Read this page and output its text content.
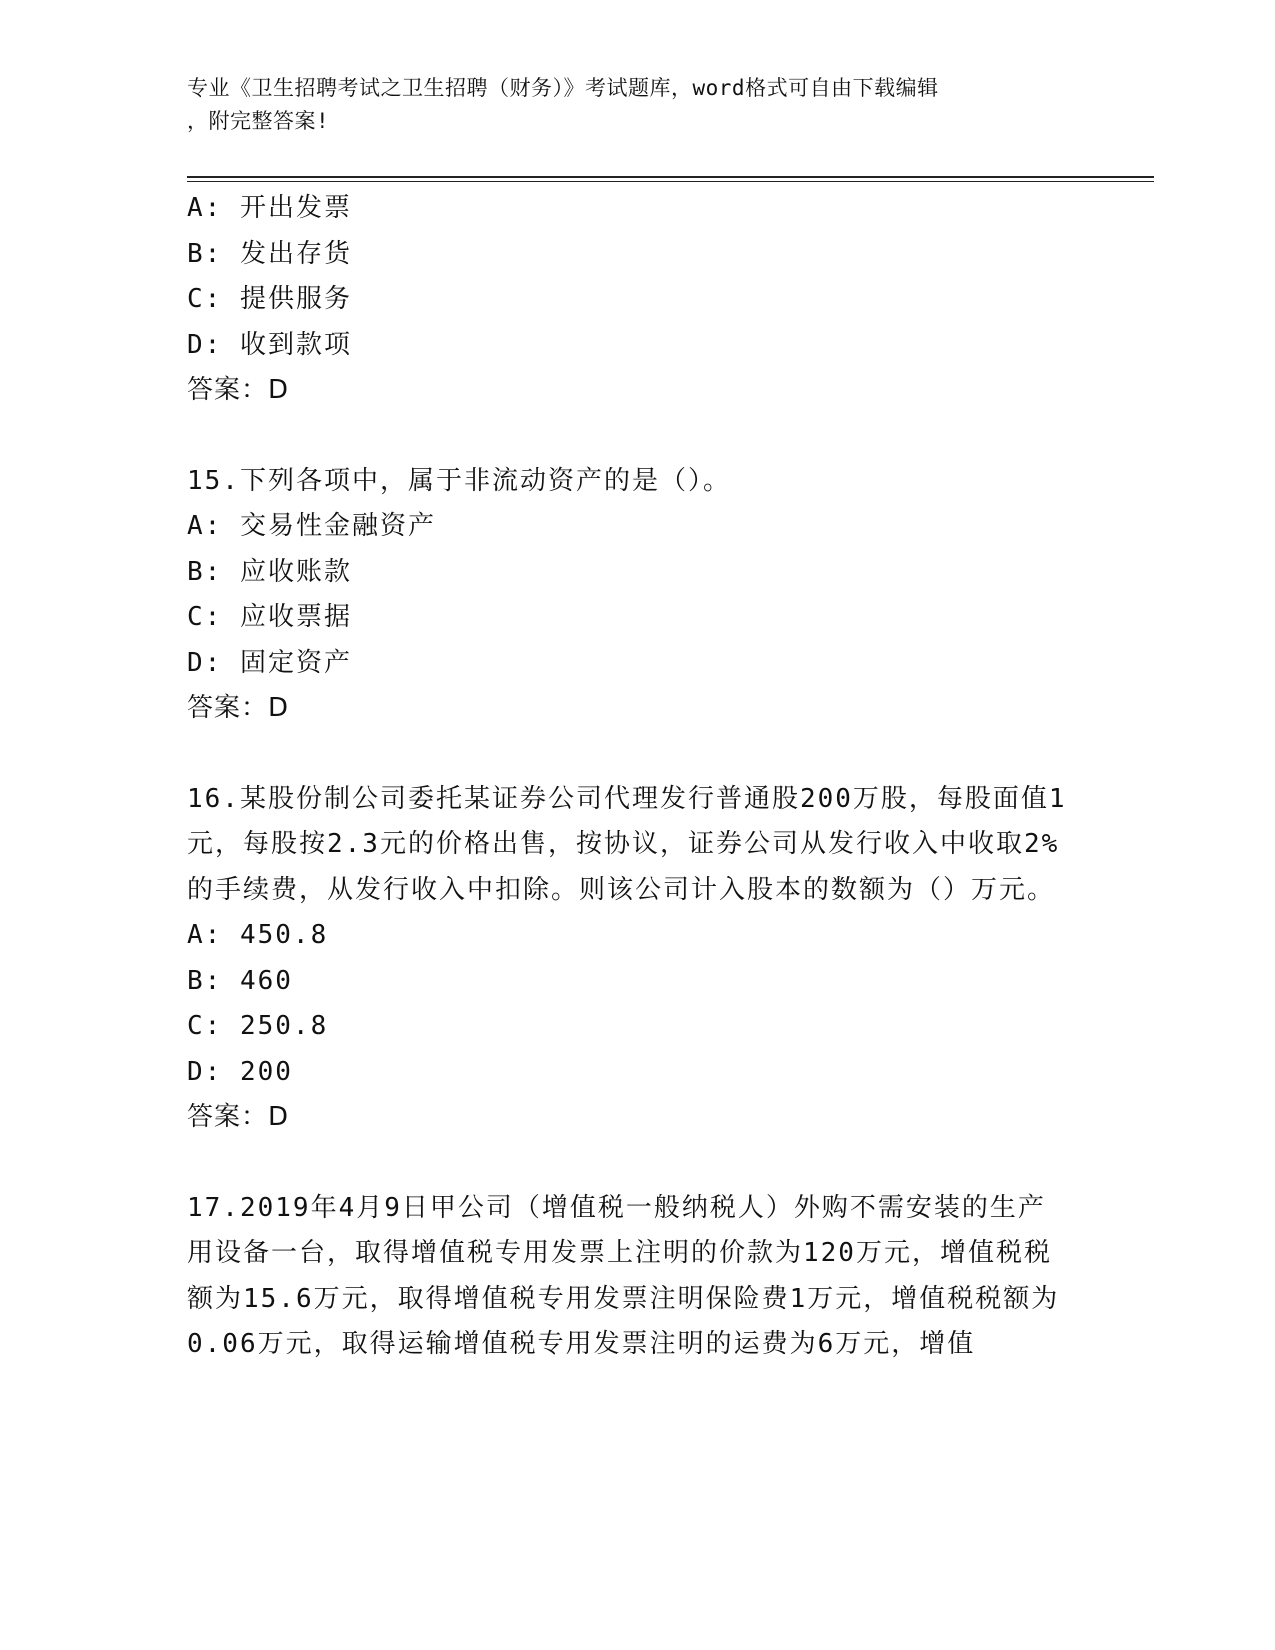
专业《卫生招聘考试之卫生招聘（财务）》考试题库，word格式可自由下载编辑
，附完整答案!
A: 开出发票
B: 发出存货
C: 提供服务
D: 收到款项
答案：D
15.下列各项中，属于非流动资产的是（）。
A: 交易性金融资产
B: 应收账款
C: 应收票据
D: 固定资产
答案：D
16.某股份制公司委托某证券公司代理发行普通股200万股，每股面值1元，每股按2.3元的价格出售，按协议，证券公司从发行收入中收取2%的手续费，从发行收入中扣除。则该公司计入股本的数额为（）万元。
A: 450.8
B: 460
C: 250.8
D: 200
答案：D
17.2019年4月9日甲公司（增值税一般纳税人）外购不需安装的生产用设备一台，取得增值税专用发票上注明的价款为120万元，增值税税额为15.6万元，取得增值税专用发票注明保险费1万元，增值税税额为0.06万元，取得运输增值税专用发票注明的运费为6万元，增值
